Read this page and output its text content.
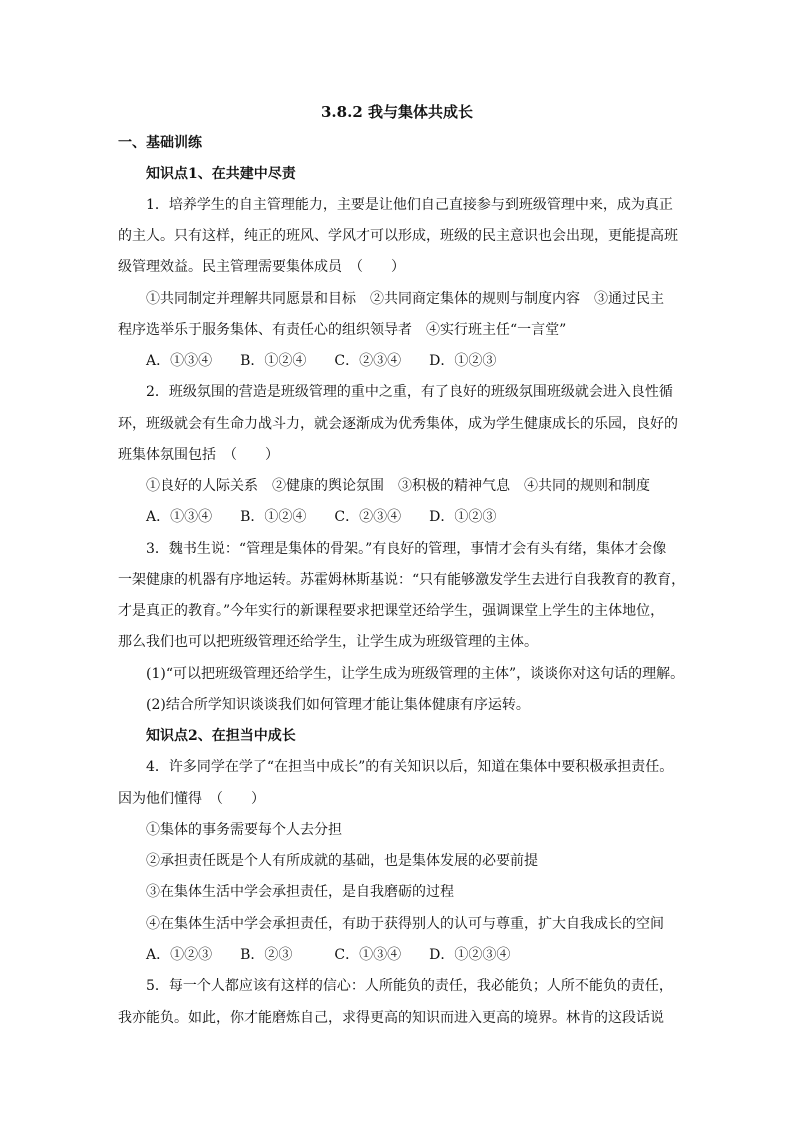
3.8.2 我与集体共成长
一、基础训练
知识点1、在共建中尽责
1．培养学生的自主管理能力，主要是让他们自己直接参与到班级管理中来，成为真正
的主人。只有这样，纯正的班风、学风才可以形成，班级的民主意识也会出现，更能提高班
级管理效益。民主管理需要集体成员　（　　）
①共同制定并理解共同愿景和目标　②共同商定集体的规则与制度内容　③通过民主
程序选举乐于服务集体、有责任心的组织领导者　④实行班主任“一言堂”
A．①③④　　B．①②④　　C．②③④　　D．①②③
2．班级氛围的营造是班级管理的重中之重，有了良好的班级氛围班级就会进入良性循
环，班级就会有生命力战斗力，就会逐渐成为优秀集体，成为学生健康成长的乐园，良好的
班集体氛围包括　（　　）
①良好的人际关系　②健康的舆论氛围　③积极的精神气息　④共同的规则和制度
A．①③④　　B．①②④　　C．②③④　　D．①②③
3．魏书生说：“管理是集体的骨架。”有良好的管理，事情才会有头有绪，集体才会像
一架健康的机器有序地运转。苏霍姆林斯基说：“只有能够激发学生去进行自我教育的教育，
才是真正的教育。”今年实行的新课程要求把课堂还给学生，强调课堂上学生的主体地位，
那么我们也可以把班级管理还给学生，让学生成为班级管理的主体。
(1)“可以把班级管理还给学生，让学生成为班级管理的主体”，谈谈你对这句话的理解。
(2)结合所学知识谈谈我们如何管理才能让集体健康有序运转。
知识点2、在担当中成长
4．许多同学在学了“在担当中成长”的有关知识以后，知道在集体中要积极承担责任。
因为他们懂得　（　　）
①集体的事务需要每个人去分担
②承担责任既是个人有所成就的基础，也是集体发展的必要前提
③在集体生活中学会承担责任，是自我磨砺的过程
④在集体生活中学会承担责任，有助于获得别人的认可与尊重，扩大自我成长的空间
A．①②③　　B．②③　　　C．①③④　　D．①②③④
5．每一个人都应该有这样的信心：人所能负的责任，我必能负；人所不能负的责任，
我亦能负。如此，你才能磨炼自己，求得更高的知识而进入更高的境界。林肯的这段话说
